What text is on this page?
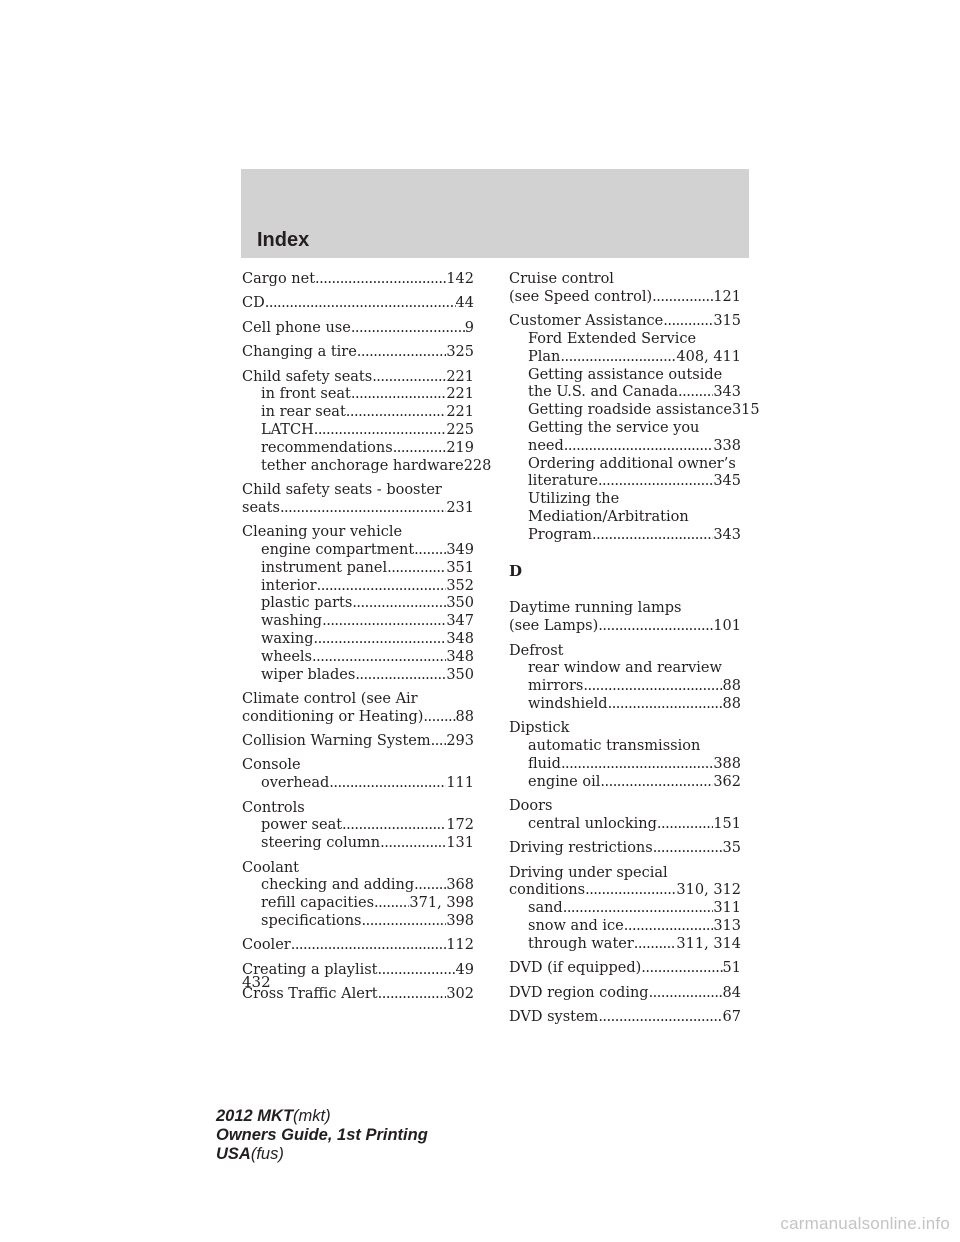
Index
Cargo net .....	142
CD .....	44
Cell phone use .....	9
Changing a tire .....	325
Child safety seats .....	221
in front seat .....	221
in rear seat .....	221
LATCH .....	225
recommendations .....	219
tether anchorage hardware 228
Child safety seats - booster
seats .....	231
Cleaning your vehicle
engine compartment ..... 349
instrument panel .....	351
interior .....	352
plastic parts .....	350
washing .....	347
waxing .....	348
wheels .....	348
wiper blades .....	350
Climate control (see Air
conditioning or Heating) ..... 88
Collision Warning System ..... 293
Console
overhead .....	111
Controls
power seat .....	172
steering column .....	131
Coolant
checking and adding ..... 368
refill capacities ..... 371, 398
specifications .....	398
Cooler .....	112
Creating a playlist .....	49
Cross Traffic Alert .....	302
Cruise control
(see Speed control) .....	121
Customer Assistance .....	315
Ford Extended Service
Plan .....	408, 411
Getting assistance outside
the U.S. and Canada ..... 343
Getting roadside assistance 315
Getting the service you
need .....	338
Ordering additional owner’s
literature .....	345
Utilizing the
Mediation/Arbitration
Program .....	343
D
Daytime running lamps
(see Lamps) .....	101
Defrost
rear window and rearview
mirrors .....	88
windshield .....	88
Dipstick
automatic transmission
fluid .....	388
engine oil .....	362
Doors
central unlocking .....	151
Driving restrictions .....	35
Driving under special
conditions .....	310, 312
sand .....	311
snow and ice .....	313
through water .....	311, 314
DVD (if equipped) .....	51
DVD region coding .....	84
DVD system .....	67
432
2012 MKT(mkt)
Owners Guide, 1st Printing
USA(fus)
carmanualsonline.info
